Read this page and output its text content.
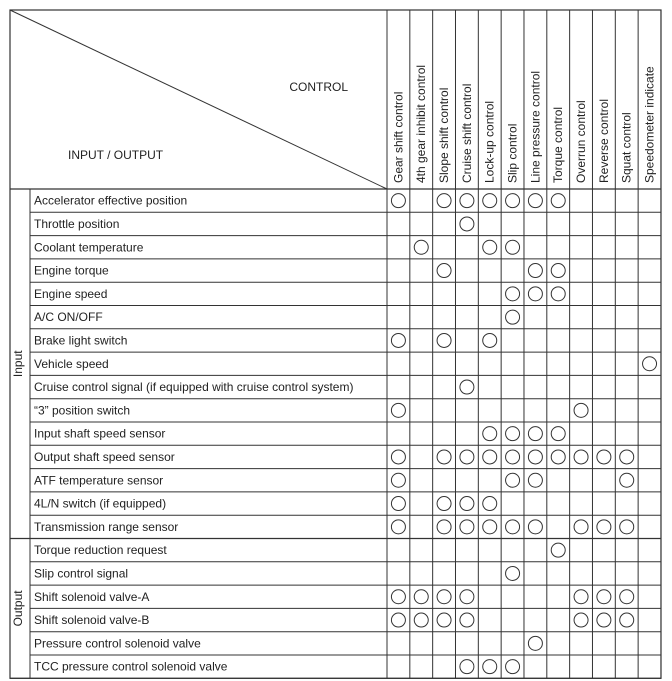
CONTROL
INPUT / OUTPUT	Gear shift control 4th gear inhibit control Slope shift control Cruise shift control Lock-up control Slip control Line pressure control Torque control Overrun control Reverse control Squat control Speedometer indicate
Accelerator effective position
Throttle position
Coolant temperature
Engine torque
Engine speed
A/C ON/OFF
Brake light switch
Vehicle speed
Cruise control signal (if equipped with cruise control system)
“3” position switch
Input shaft speed sensor
Output shaft speed sensor
ATF temperature sensor
4L/N switch (if equipped)
Transmission range sensor
Input
Torque reduction request
Slip control signal
Shift solenoid valve-A
Shift solenoid valve-B
Pressure control solenoid valve
TCC pressure control solenoid valve
Output
